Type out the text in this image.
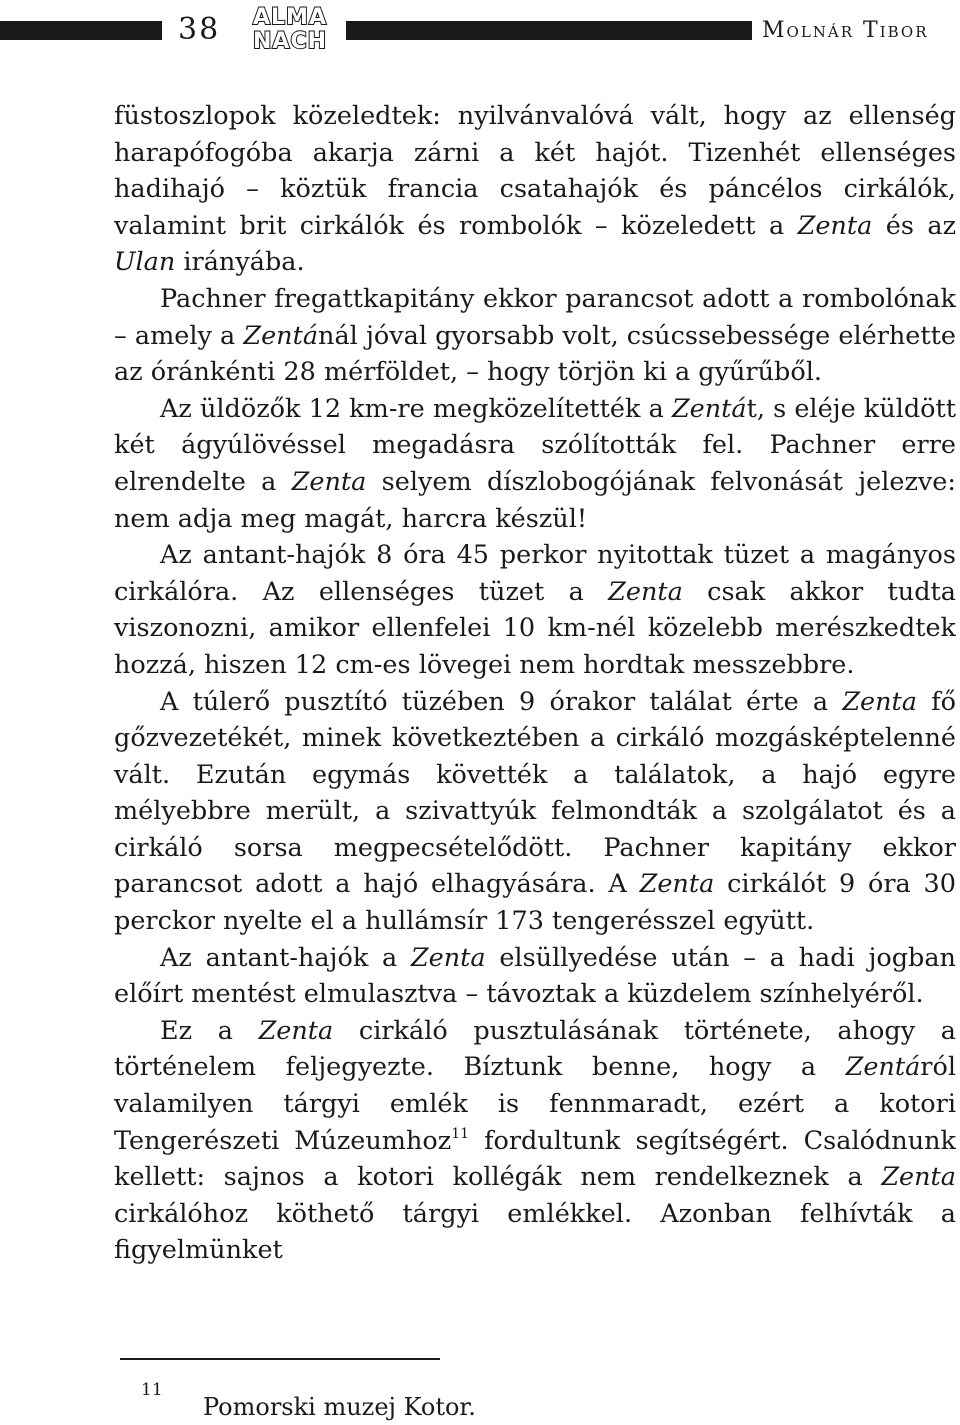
38 ALMA
NACH	Molnár Tibor

füstoszlopok közeledtek: nyilvánvalóvá vált, hogy az ellenség harapófogóba akarja zárni a két hajót. Tizenhét ellenséges hadihajó – köztük francia csatahajók és páncélos cirkálók, valamint brit cirkálók és rombolók – közeledett a Zenta és az Ulan irányába.

Pachner fregattkapitány ekkor parancsot adott a rombolónak – amely a Zentánál jóval gyorsabb volt, csúcssebessége elérhette az óránkénti 28 mérföldet, – hogy törjön ki a gyűrűből.

Az üldözők 12 km-re megközelítették a Zentát, s eléje küldött két ágyúlövéssel megadásra szólították fel. Pachner erre elrendelte a Zenta selyem díszlobogójának felvonását jelezve: nem adja meg magát, harcra készül!

Az antant-hajók 8 óra 45 perkor nyitottak tüzet a magányos cirkálóra. Az ellenséges tüzet a Zenta csak akkor tudta viszonozni, amikor ellenfelei 10 km-nél közelebb merészkedtek hozzá, hiszen 12 cm-es lövegei nem hordtak messzebbre.

A túlerő pusztító tüzében 9 órakor találat érte a Zenta fő gőzvezetékét, minek következtében a cirkáló mozgásképtelenné vált. Ezután egymás követték a találatok, a hajó egyre mélyebbre merült, a szivattyúk felmondták a szolgálatot és a cirkáló sorsa megpecsételődött. Pachner kapitány ekkor parancsot adott a hajó elhagyására. A Zenta cirkálót 9 óra 30 perckor nyelte el a hullámsír 173 tengerésszel együtt.

Az antant-hajók a Zenta elsüllyedése után – a hadi jogban előírt mentést elmulasztva – távoztak a küzdelem színhelyéről.

Ez a Zenta cirkáló pusztulásának története, ahogy a történelem feljegyezte. Bíztunk benne, hogy a Zentáról valamilyen tárgyi emlék is fennmaradt, ezért a kotori Tengerészeti Múzeumhoz$^{11}$ fordultunk segítségért. Csalódnunk kellett: sajnos a kotori kollégák nem rendelkeznek a Zenta cirkálóhoz köthető tárgyi emlékkel. Azonban felhívták a figyelmünket

11
Pomorski muzej Kotor.
